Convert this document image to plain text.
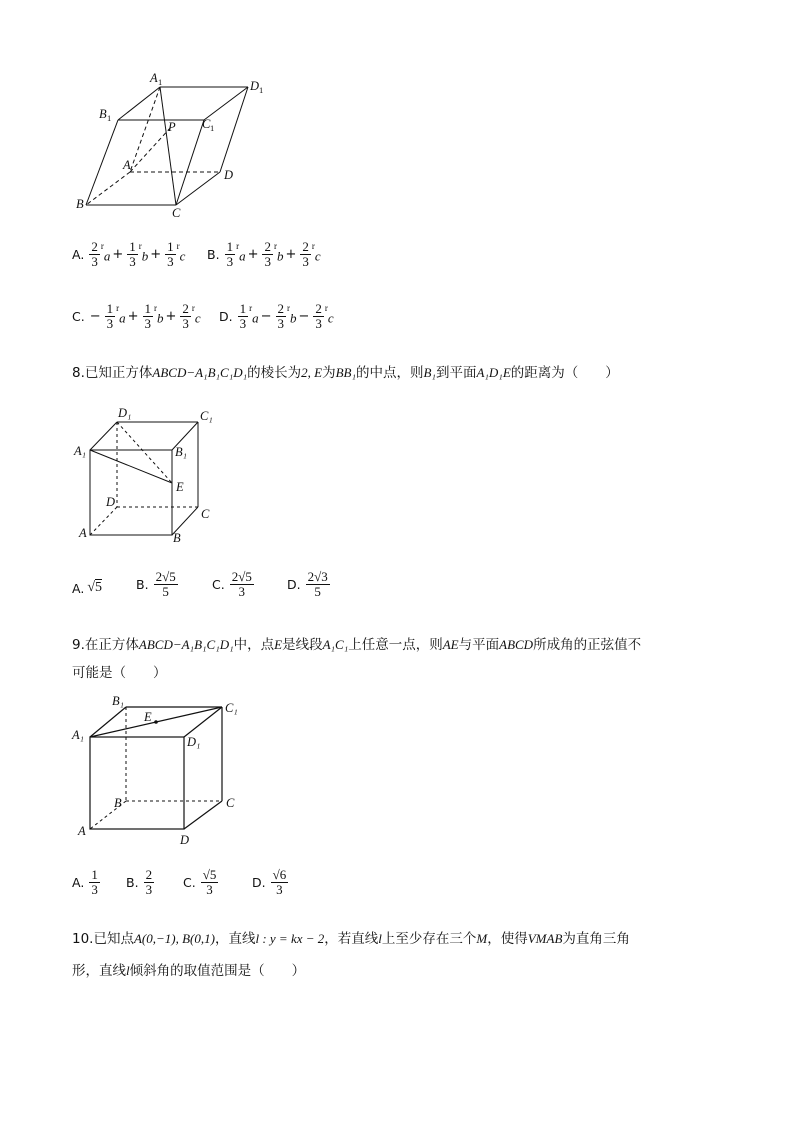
A 1	D 1
B 1	C 1
P
A
D
B
C
A. $\frac{2}{3} ^ra + \frac{1}{3} ^rb + \frac{1}{3} ^rc$ B. $\frac{1}{3} ^ra + \frac{2}{3} ^rb + \frac{2}{3} ^rc$
C. − $\frac{1}{3} ^ra + \frac{1}{3} ^rb + \frac{2}{3} ^rc$ D. $\frac{1}{3} ^ra - \frac{2}{3} ^rb - \frac{2}{3} ^rc$
8.已知正方体ABCD−A₁B₁C₁D₁的棱长为2, E为BB₁的中点，则B₁到平面A₁D₁E的距离为（　　）
D₁	C₁
A₁	B₁
E
D
C
A	B
A. √5	B. $\frac{2√5}{5}$	C. $\frac{2√5}{3}$	D. $\frac{2√3}{5}$
9.在正方体ABCD−A₁B₁C₁D₁中，点E是线段A₁C₁上任意一点，则AE与平面ABCD所成角的正弦值不
可能是（　　）
B₁
E
C₁
A₁	D₁
B	C
A
D
A. $\frac{1}{3} B$. $\frac{2}{3} C$. $\frac{√5}{3}$	D. $\frac{√6}{3}$
10.已知点A(0,−1), B(0,1)，直线l : y = kx − 2，若直线l上至少存在三个M，使得VMAB为直角三角
形，直线l倾斜角的取值范围是（　　）
